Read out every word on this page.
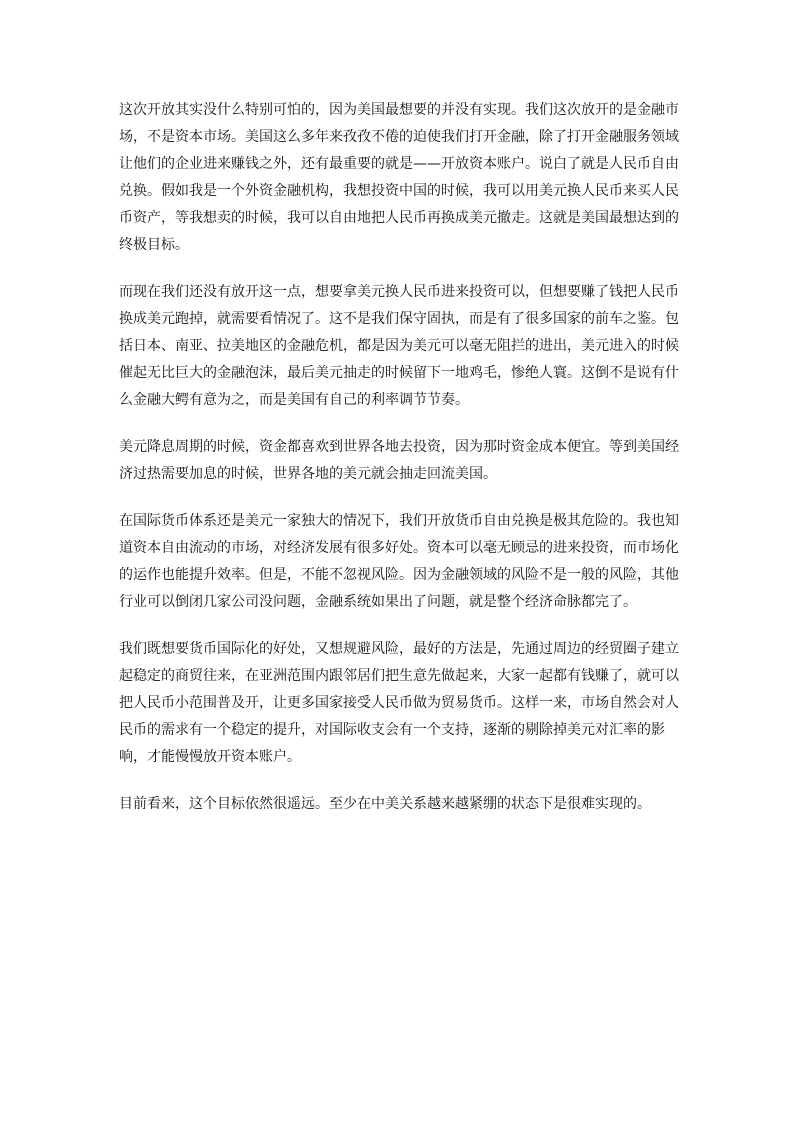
这次开放其实没什么特别可怕的，因为美国最想要的并没有实现。我们这次放开的是金融市场，不是资本市场。美国这么多年来孜孜不倦的迫使我们打开金融，除了打开金融服务领域让他们的企业进来赚钱之外，还有最重要的就是——开放资本账户。说白了就是人民币自由兑换。假如我是一个外资金融机构，我想投资中国的时候，我可以用美元换人民币来买人民币资产，等我想卖的时候，我可以自由地把人民币再换成美元撤走。这就是美国最想达到的终极目标。

而现在我们还没有放开这一点，想要拿美元换人民币进来投资可以，但想要赚了钱把人民币换成美元跑掉，就需要看情况了。这不是我们保守固执，而是有了很多国家的前车之鉴。包括日本、南亚、拉美地区的金融危机，都是因为美元可以毫无阻拦的进出，美元进入的时候催起无比巨大的金融泡沫，最后美元抽走的时候留下一地鸡毛，惨绝人寰。这倒不是说有什么金融大鳄有意为之，而是美国有自己的利率调节节奏。

美元降息周期的时候，资金都喜欢到世界各地去投资，因为那时资金成本便宜。等到美国经济过热需要加息的时候，世界各地的美元就会抽走回流美国。

在国际货币体系还是美元一家独大的情况下，我们开放货币自由兑换是极其危险的。我也知道资本自由流动的市场，对经济发展有很多好处。资本可以毫无顾忌的进来投资，而市场化的运作也能提升效率。但是，不能不忽视风险。因为金融领域的风险不是一般的风险，其他行业可以倒闭几家公司没问题，金融系统如果出了问题，就是整个经济命脉都完了。

我们既想要货币国际化的好处，又想规避风险，最好的方法是，先通过周边的经贸圈子建立起稳定的商贸往来，在亚洲范围内跟邻居们把生意先做起来，大家一起都有钱赚了，就可以把人民币小范围普及开，让更多国家接受人民币做为贸易货币。这样一来，市场自然会对人民币的需求有一个稳定的提升，对国际收支会有一个支持，逐渐的剔除掉美元对汇率的影响，才能慢慢放开资本账户。

目前看来，这个目标依然很遥远。至少在中美关系越来越紧绷的状态下是很难实现的。
